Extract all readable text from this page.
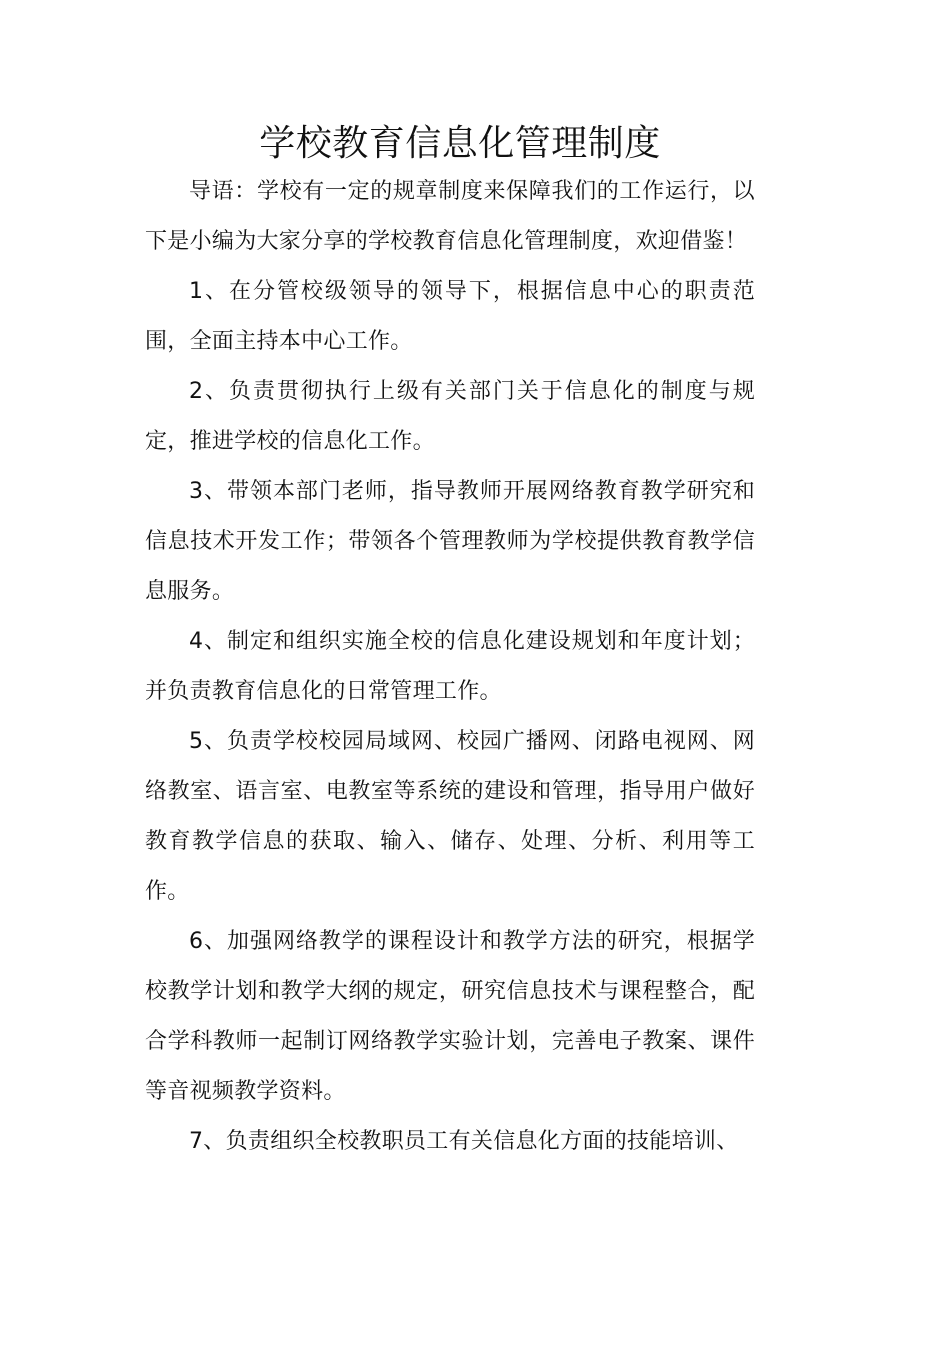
学校教育信息化管理制度

导语：学校有一定的规章制度来保障我们的工作运行，以下是小编为大家分享的学校教育信息化管理制度，欢迎借鉴！

1、在分管校级领导的领导下，根据信息中心的职责范围，全面主持本中心工作。

2、负责贯彻执行上级有关部门关于信息化的制度与规定，推进学校的信息化工作。

3、带领本部门老师，指导教师开展网络教育教学研究和信息技术开发工作；带领各个管理教师为学校提供教育教学信息服务。

4、制定和组织实施全校的信息化建设规划和年度计划；并负责教育信息化的日常管理工作。

5、负责学校校园局域网、校园广播网、闭路电视网、网络教室、语言室、电教室等系统的建设和管理，指导用户做好教育教学信息的获取、输入、储存、处理、分析、利用等工作。

6、加强网络教学的课程设计和教学方法的研究，根据学校教学计划和教学大纲的规定，研究信息技术与课程整合，配合学科教师一起制订网络教学实验计划，完善电子教案、课件等音视频教学资料。

7、负责组织全校教职员工有关信息化方面的技能培训、
